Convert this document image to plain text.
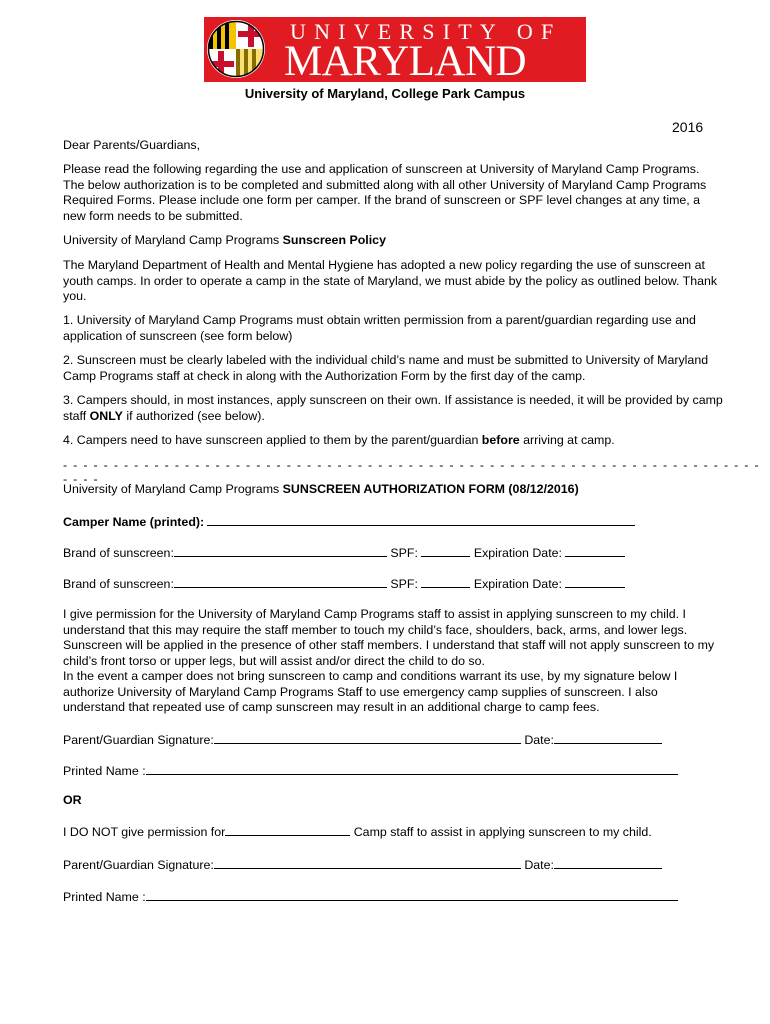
UNIVERSITY OF
MARYLAND
University of Maryland, College Park Campus
2016
Dear Parents/Guardians,
Please read the following regarding the use and application of sunscreen at University of Maryland Camp Programs. The below authorization is to be completed and submitted along with all other University of Maryland Camp Programs Required Forms. Please include one form per camper. If the brand of sunscreen or SPF level changes at any time, a new form needs to be submitted.
University of Maryland Camp Programs Sunscreen Policy
The Maryland Department of Health and Mental Hygiene has adopted a new policy regarding the use of sunscreen at youth camps. In order to operate a camp in the state of Maryland, we must abide by the policy as outlined below. Thank you.
1. University of Maryland Camp Programs must obtain written permission from a parent/guardian regarding use and application of sunscreen (see form below)
2. Sunscreen must be clearly labeled with the individual child’s name and must be submitted to University of Maryland Camp Programs staff at check in along with the Authorization Form by the first day of the camp.
3. Campers should, in most instances, apply sunscreen on their own. If assistance is needed, it will be provided by camp staff ONLY if authorized (see below).
4. Campers need to have sunscreen applied to them by the parent/guardian before arriving at camp.
- - - - - - - - - - - - - - - - - - - - - - - - - - - - - - - - - - - - - - - - - - - - - - - - - - - - - - - - - - - - - - - - - - - - - - - - -
University of Maryland Camp Programs SUNSCREEN AUTHORIZATION FORM (08/12/2016)
Camper Name (printed):
Brand of sunscreen:	SPF:	Expiration Date:
Brand of sunscreen:	SPF:	Expiration Date:
I give permission for the University of Maryland Camp Programs staff to assist in applying sunscreen to my child. I understand that this may require the staff member to touch my child’s face, shoulders, back, arms, and lower legs. Sunscreen will be applied in the presence of other staff members. I understand that staff will not apply sunscreen to my child’s front torso or upper legs, but will assist and/or direct the child to do so.
In the event a camper does not bring sunscreen to camp and conditions warrant its use, by my signature below I authorize University of Maryland Camp Programs Staff to use emergency camp supplies of sunscreen. I also understand that repeated use of camp sunscreen may result in an additional charge to camp fees.
Parent/Guardian Signature:	Date:
Printed Name :
OR
I DO NOT give permission for	Camp staff to assist in applying sunscreen to my child.
Parent/Guardian Signature:	Date:
Printed Name :
